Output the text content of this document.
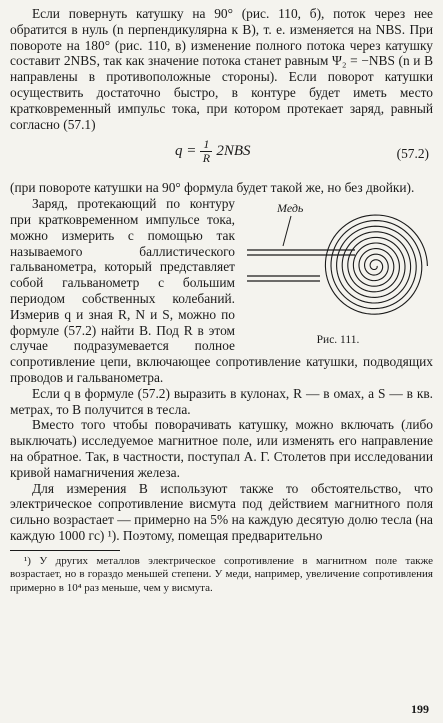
Если повернуть катушку на 90° (рис. 110, б), поток через нее обратится в нуль (n перпендикулярна к B), т. е. изменяется на NBS. При повороте на 180° (рис. 110, в) изменение полного потока через катушку составит 2NBS, так как значение потока станет равным Ψ₂ = −NBS (n и B направлены в противоположные стороны). Если поворот катушки осуществить достаточно быстро, в контуре будет иметь место кратковременный импульс тока, при котором протекает заряд, равный согласно (57.1)

$q = \frac{1}{R} 2NBS$	(57.2)

(при повороте катушки на 90° формула будет такой же, но без двойки).

Медь
Рис. 111.

Заряд, протекающий по контуру при кратковременном импульсе тока, можно измерить с помощью так называемого баллистического гальванометра, который представляет собой гальванометр с большим периодом собственных колебаний. Измерив q и зная R, N и S, можно по формуле (57.2) найти B. Под R в этом случае подразумевается полное сопротивление цепи, включающее сопротивление катушки, подводящих проводов и гальванометра.

Если q в формуле (57.2) выразить в кулонах, R — в омах, а S — в кв. метрах, то B получится в тесла.

Вместо того чтобы поворачивать катушку, можно включать (либо выключать) исследуемое магнитное поле, или изменять его направление на обратное. Так, в частности, поступал А. Г. Столетов при исследовании кривой намагничения железа.

Для измерения B используют также то обстоятельство, что электрическое сопротивление висмута под действием магнитного поля сильно возрастает — примерно на 5% на каждую десятую долю тесла (на каждую 1000 гс) ¹). Поэтому, помещая предварительно

¹) У других металлов электрическое сопротивление в магнитном поле также возрастает, но в гораздо меньшей степени. У меди, например, увеличение сопротивления примерно в 10⁴ раз меньше, чем у висмута.
199
